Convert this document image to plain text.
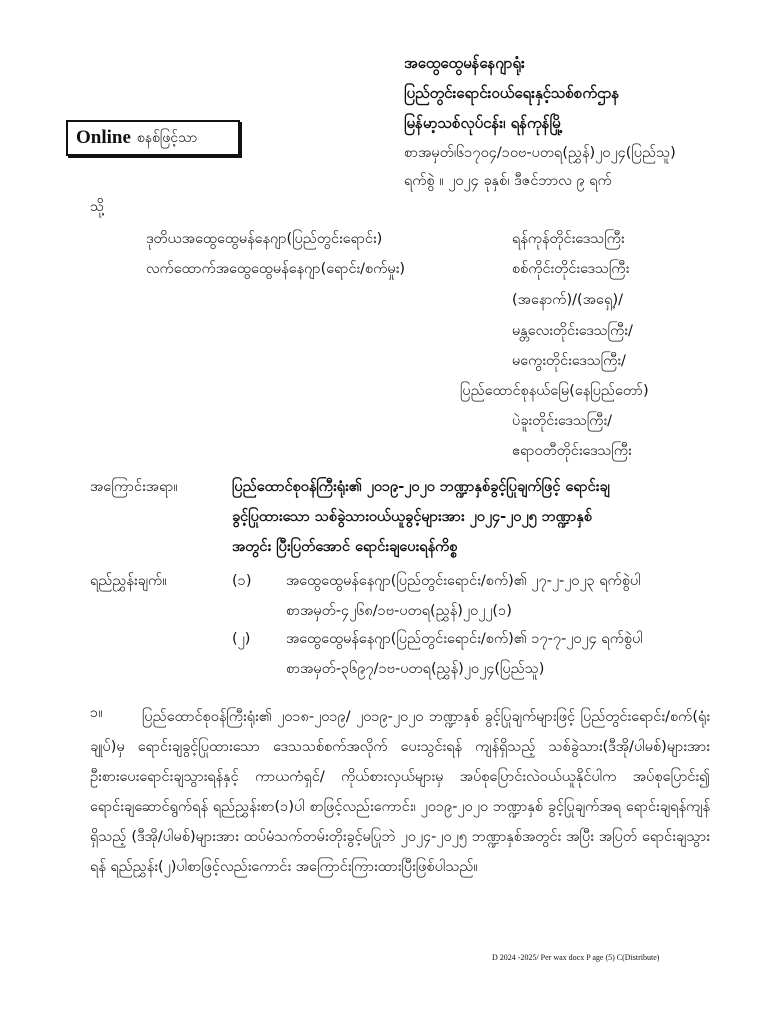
အထွေထွေမန်နေဂျာရုံး
ပြည်တွင်းရောင်းဝယ်ရေးနှင့်သစ်စက်ဌာန
မြန်မာ့သစ်လုပ်ငန်း၊ ရန်ကုန်မြို့
စာအမှတ်၊၆၁၇၀၄/၁၀ဗ-ပတရ(ညွှန်)၂၀၂၄(ပြည်သူ)
ရက်စွဲ ။ ၂၀၂၄ ခုနှစ်၊ ဒီဇင်ဘာလ ၉ ရက်
Online စနစ်ဖြင့်သာ
သို့
ဒုတိယအထွေထွေမန်နေဂျာ(ပြည်တွင်းရောင်း)
လက်ထောက်အထွေထွေမန်နေဂျာ(ရောင်း/စက်မှုး)
ရန်ကုန်တိုင်းဒေသကြီး
စစ်ကိုင်းတိုင်းဒေသကြီး
(အနောက်)/(အရှေ့)/
မန္တလေးတိုင်းဒေသကြီး/
မကွေးတိုင်းဒေသကြီး/
ပြည်ထောင်စုနယ်မြေ(နေပြည်တော်)
ပဲခူးတိုင်းဒေသကြီး/
ဧရာဝတီတိုင်းဒေသကြီး
အကြောင်းအရာ။	ပြည်ထောင်စုဝန်ကြီးရုံး၏ ၂၀၁၉-၂၀၂၀ ဘဏ္ဍာနှစ်ခွင့်ပြုချက်ဖြင့် ရောင်းချ
ခွင့်ပြုထားသော သစ်ခွဲသားဝယ်ယူခွင့်များအား ၂၀၂၄-၂၀၂၅ ဘဏ္ဍာနှစ်
အတွင်း ပြီးပြတ်အောင် ရောင်းချပေးရန်ကိစ္စ
ရည်ညွှန်းချက်။	(၁) အထွေထွေမန်နေဂျာ(ပြည်တွင်းရောင်း/စက်)၏ ၂၇-၂-၂၀၂၃ ရက်စွဲပါ
စာအမှတ်-၄၂၆၈/၁ဗ-ပတရ(ညွှန်)၂၀၂၂(၁)
(၂) အထွေထွေမန်နေဂျာ(ပြည်တွင်းရောင်း/စက်)၏ ၁၇-၇-၂၀၂၄ ရက်စွဲပါ
စာအမှတ်-၃၆၉၇/၁ဗ-ပတရ(ညွှန်)၂၀၂၄(ပြည်သူ)
၁။	ပြည်ထောင်စုဝန်ကြီးရုံး၏ ၂၀၁၈-၂၀၁၉/ ၂၀၁၉-၂၀၂၀ ဘဏ္ဍာနှစ် ခွင့်ပြုချက်များဖြင့် ပြည်တွင်းရောင်း/စက်(ရုံးချုပ်)မှ ရောင်းချခွင့်ပြုထားသော ဒေသသစ်စက်အလိုက် ပေးသွင်းရန် ကျန်ရှိသည့် သစ်ခွဲသား(ဒီအို/ပါမစ်)များအား ဦးစားပေးရောင်းချသွားရန်နှင့် ကာယကံရှင်/ ကိုယ်စားလှယ်များမှ အပ်စုပြောင်းလဲဝယ်ယူနိုင်ပါက အပ်စုပြောင်း၍ ရောင်းချဆောင်ရွက်ရန် ရည်ညွှန်းစာ(၁)ပါ စာဖြင့်လည်းကောင်း၊ ၂၀၁၉-၂၀၂၀ ဘဏ္ဍာနှစ် ခွင့်ပြုချက်အရ ရောင်းချရန်ကျန် ရှိသည့် (ဒီအို/ပါမစ်)များအား ထပ်မံသက်တမ်းတိုးခွင့်မပြုဘဲ ၂၀၂၄-၂၀၂၅ ဘဏ္ဍာနှစ်အတွင်း အပြီး အပြတ် ရောင်းချသွားရန် ရည်ညွှန်း(၂)ပါစာဖြင့်လည်းကောင်း အကြောင်းကြားထားပြီးဖြစ်ပါသည်။
D 2024 -2025/ Per wax docx P age (5) C(Distribute)
